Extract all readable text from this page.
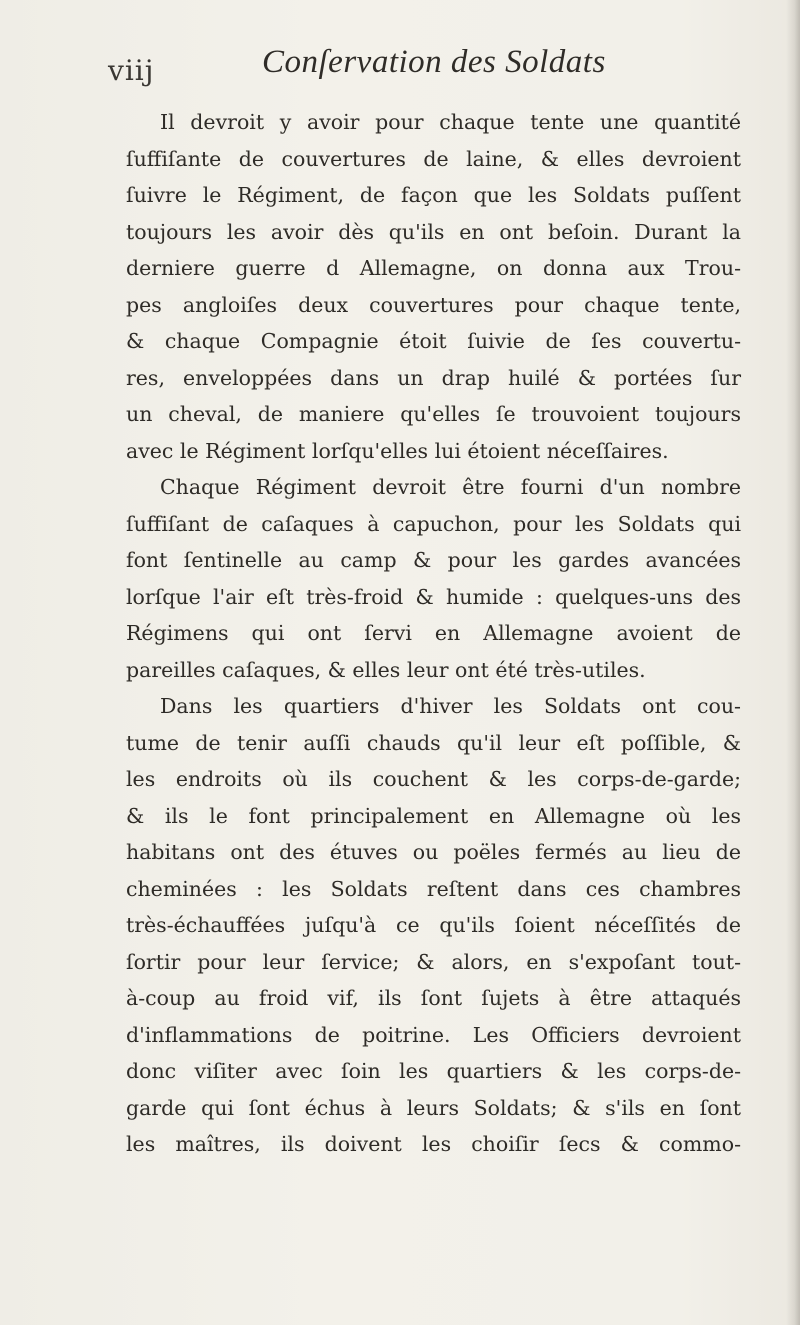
viij	Conſervation des Soldats
Il devroit y avoir pour chaque tente une quantité
ſuffiſante de couvertures de laine, & elles devroient
ſuivre le Régiment, de façon que les Soldats puſſent
toujours les avoir dès qu'ils en ont beſoin. Durant la
derniere guerre d Allemagne, on donna aux Trou-
pes angloiſes deux couvertures pour chaque tente,
& chaque Compagnie étoit ſuivie de ſes couvertu-
res, enveloppées dans un drap huilé & portées ſur
un cheval, de maniere qu'elles ſe trouvoient toujours
avec le Régiment lorſqu'elles lui étoient néceſſaires.
Chaque Régiment devroit être fourni d'un nombre
ſuffiſant de caſaques à capuchon, pour les Soldats qui
font ſentinelle au camp & pour les gardes avancées
lorſque l'air eſt très-froid & humide : quelques-uns des
Régimens qui ont ſervi en Allemagne avoient de
pareilles caſaques, & elles leur ont été très-utiles.
Dans les quartiers d'hiver les Soldats ont cou-
tume de tenir auſſi chauds qu'il leur eſt poſſible, &
les endroits où ils couchent & les corps-de-garde;
& ils le font principalement en Allemagne où les
habitans ont des étuves ou poëles fermés au lieu de
cheminées : les Soldats reſtent dans ces chambres
très-échauffées juſqu'à ce qu'ils ſoient néceſſités de
ſortir pour leur ſervice; & alors, en s'expoſant tout-
à-coup au froid vif, ils ſont ſujets à être attaqués
d'inflammations de poitrine. Les Officiers devroient
donc viſiter avec ſoin les quartiers & les corps-de-
garde qui ſont échus à leurs Soldats; & s'ils en ſont
les maîtres, ils doivent les choiſir ſecs & commo-
